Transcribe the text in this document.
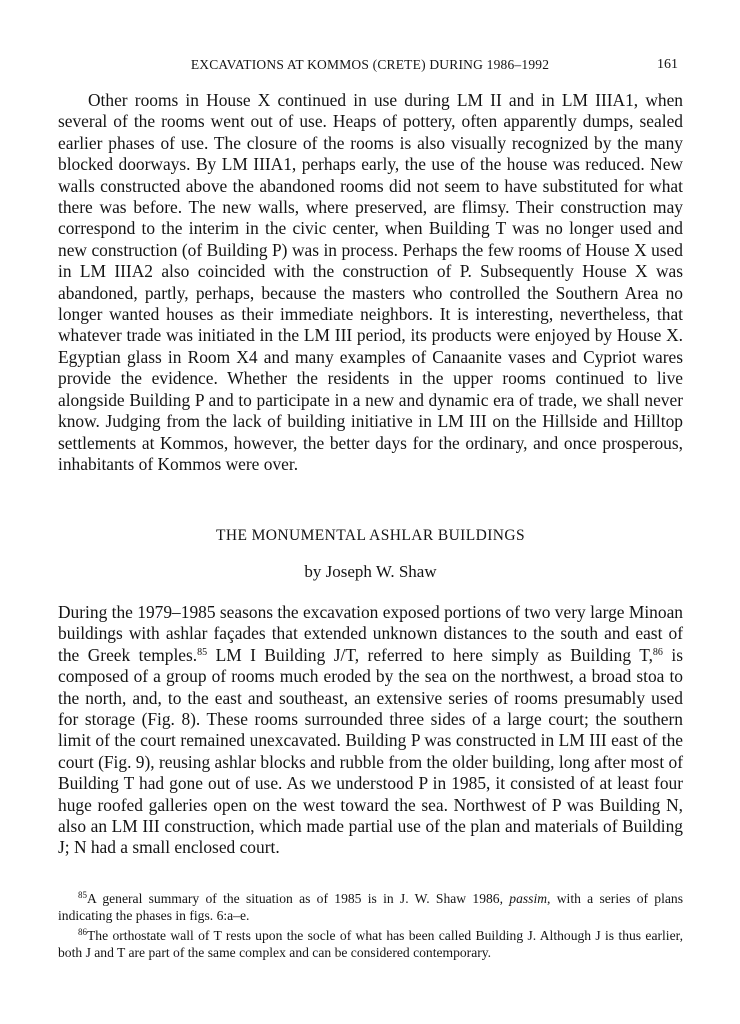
EXCAVATIONS AT KOMMOS (CRETE) DURING 1986–1992	161

Other rooms in House X continued in use during LM II and in LM IIIA1, when several of the rooms went out of use. Heaps of pottery, often apparently dumps, sealed earlier phases of use. The closure of the rooms is also visually recognized by the many blocked doorways. By LM IIIA1, perhaps early, the use of the house was reduced. New walls constructed above the abandoned rooms did not seem to have substituted for what there was before. The new walls, where preserved, are flimsy. Their construction may correspond to the interim in the civic center, when Building T was no longer used and new construction (of Building P) was in process. Perhaps the few rooms of House X used in LM IIIA2 also coincided with the construction of P. Subsequently House X was abandoned, partly, perhaps, because the masters who controlled the Southern Area no longer wanted houses as their immediate neighbors. It is interesting, nevertheless, that whatever trade was initiated in the LM III period, its products were enjoyed by House X. Egyptian glass in Room X4 and many examples of Canaanite vases and Cypriot wares provide the evidence. Whether the residents in the upper rooms continued to live alongside Building P and to participate in a new and dynamic era of trade, we shall never know. Judging from the lack of building initiative in LM III on the Hillside and Hilltop settlements at Kommos, however, the better days for the ordinary, and once prosperous, inhabitants of Kommos were over.

THE MONUMENTAL ASHLAR BUILDINGS
by Joseph W. Shaw

During the 1979–1985 seasons the excavation exposed portions of two very large Minoan buildings with ashlar façades that extended unknown distances to the south and east of the Greek temples.$^{85}$ LM I Building J/T, referred to here simply as Building T,$^{86}$ is composed of a group of rooms much eroded by the sea on the northwest, a broad stoa to the north, and, to the east and southeast, an extensive series of rooms presumably used for storage (Fig. 8). These rooms surrounded three sides of a large court; the southern limit of the court remained unexcavated. Building P was constructed in LM III east of the court (Fig. 9), reusing ashlar blocks and rubble from the older building, long after most of Building T had gone out of use. As we understood P in 1985, it consisted of at least four huge roofed galleries open on the west toward the sea. Northwest of P was Building N, also an LM III construction, which made partial use of the plan and materials of Building J; N had a small enclosed court.

$^{85}$A general summary of the situation as of 1985 is in J. W. Shaw 1986, passim, with a series of plans indicating the phases in figs. 6:a–e.

$^{86}$The orthostate wall of T rests upon the socle of what has been called Building J. Although J is thus earlier, both J and T are part of the same complex and can be considered contemporary.
